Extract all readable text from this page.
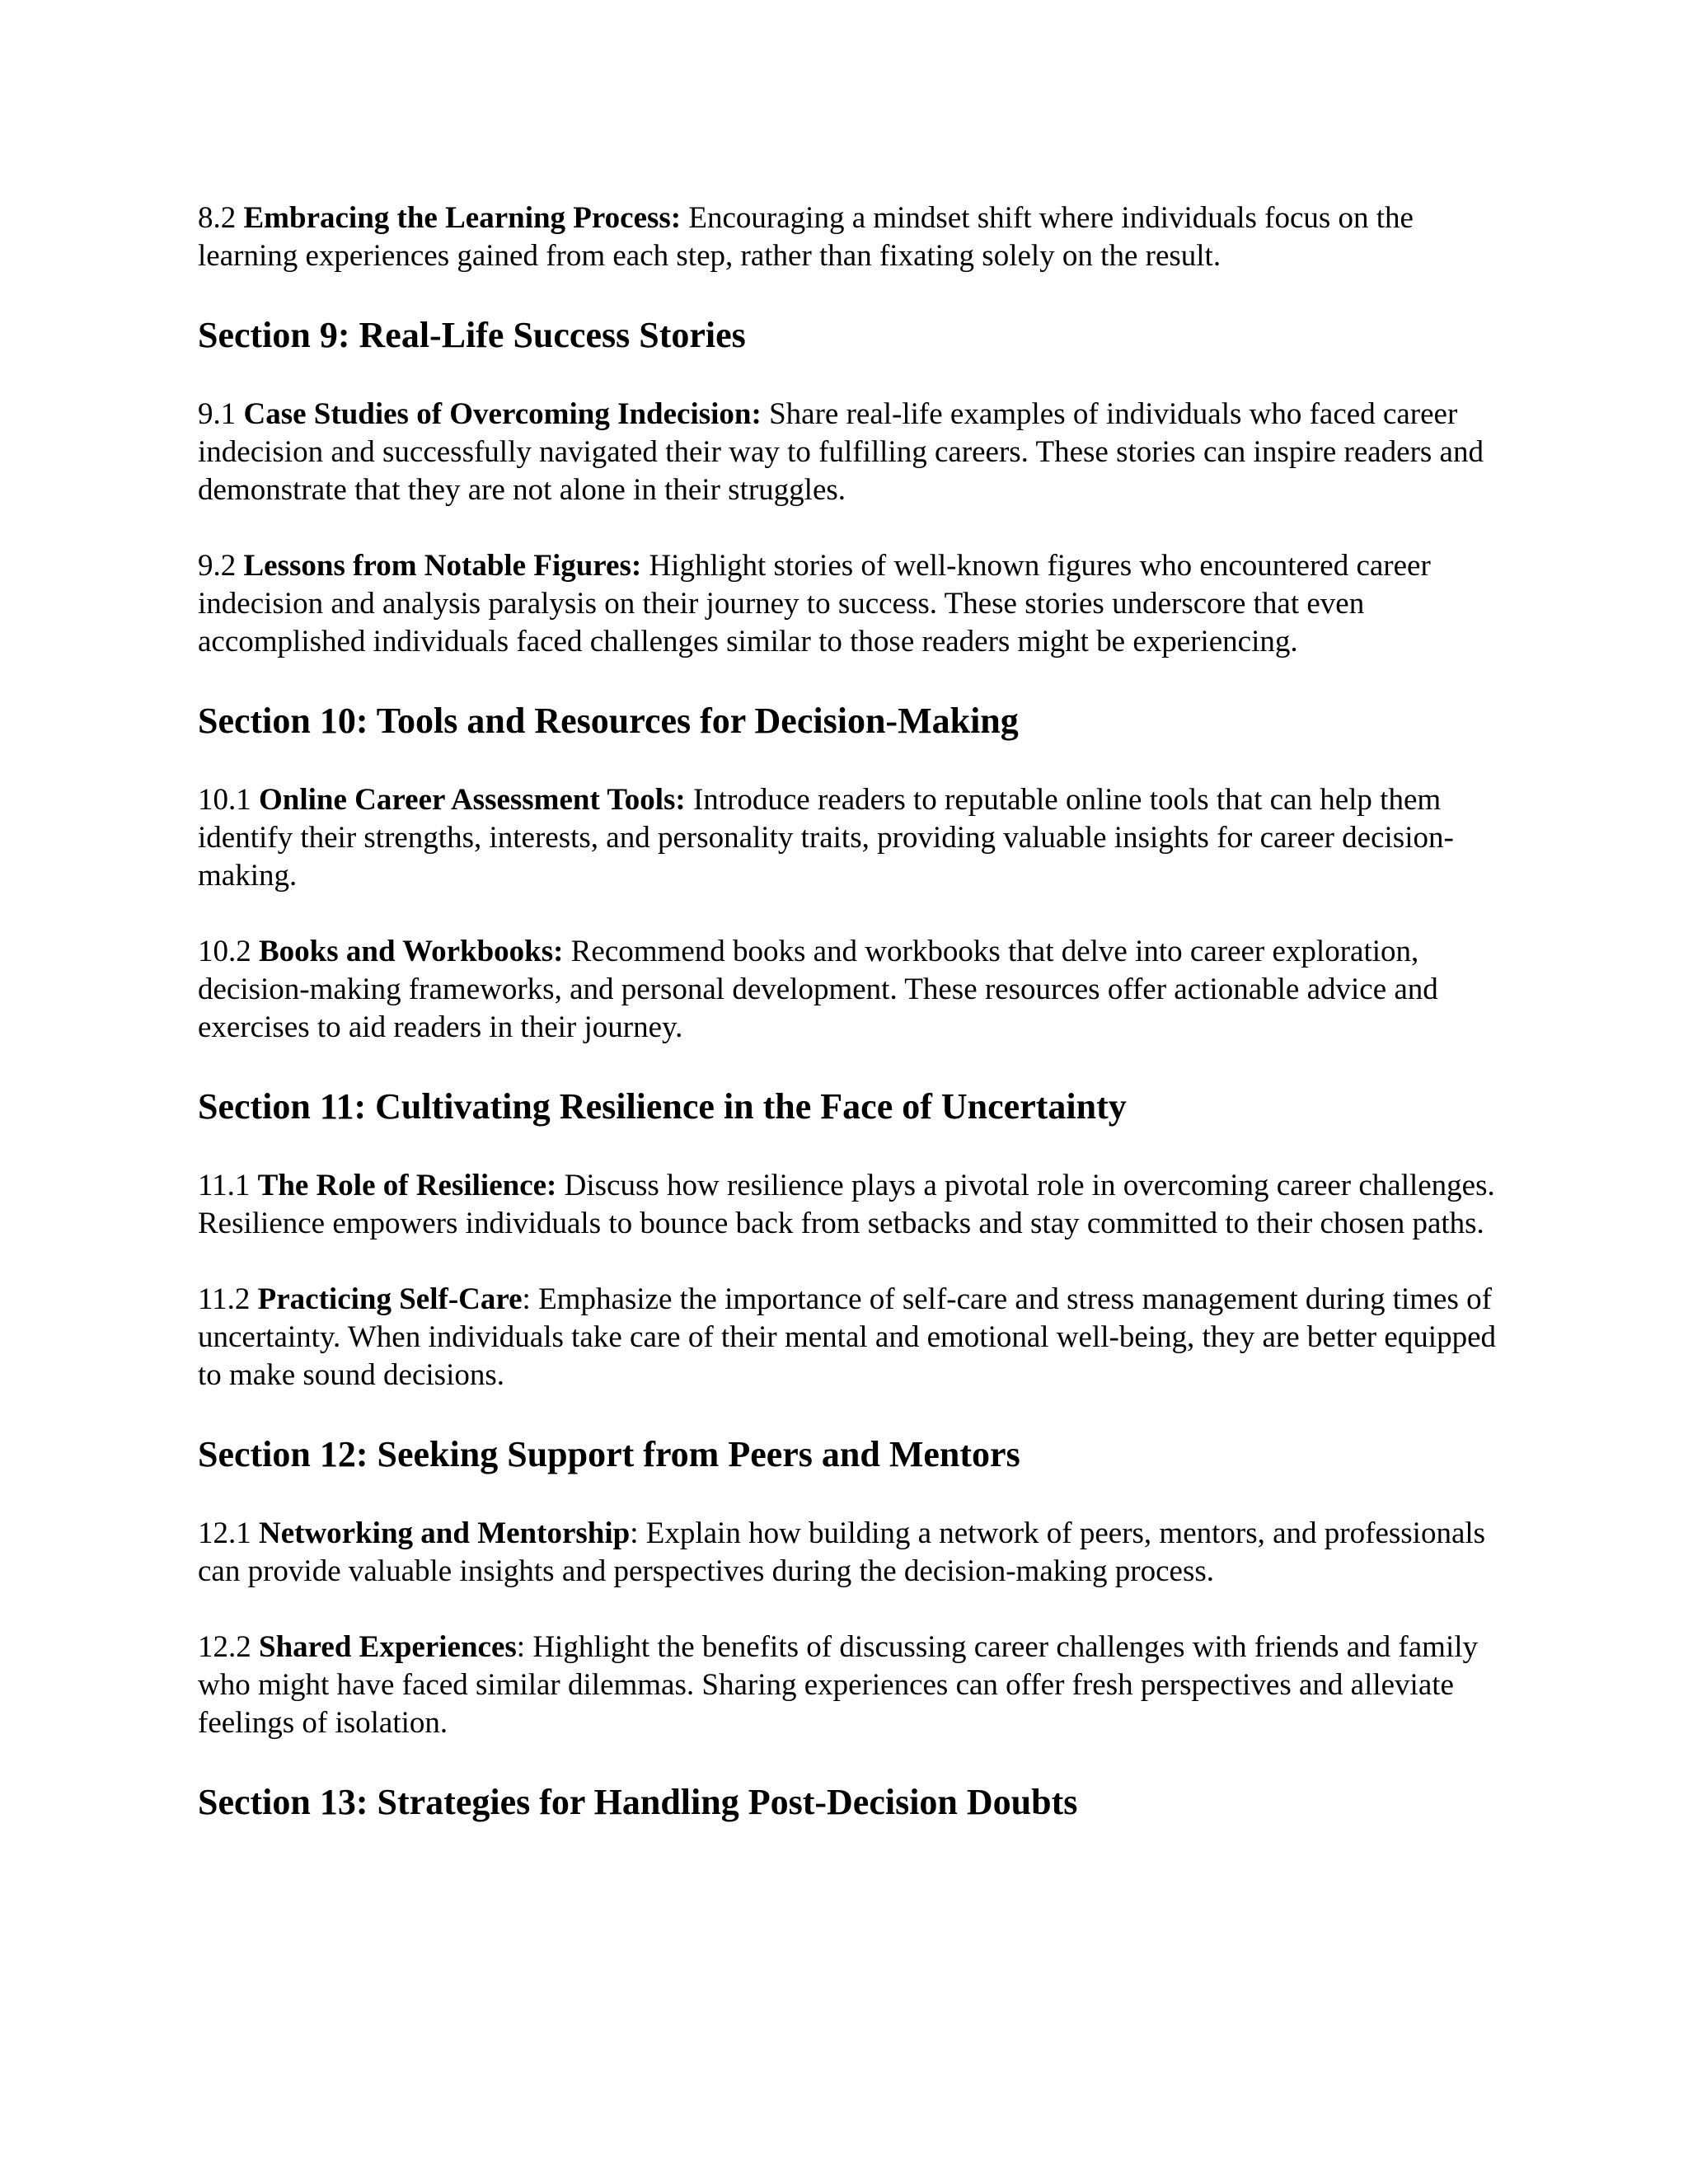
8.2 Embracing the Learning Process: Encouraging a mindset shift where individuals focus on the learning experiences gained from each step, rather than fixating solely on the result.

Section 9: Real-Life Success Stories

9.1 Case Studies of Overcoming Indecision: Share real-life examples of individuals who faced career indecision and successfully navigated their way to fulfilling careers. These stories can inspire readers and demonstrate that they are not alone in their struggles.

9.2 Lessons from Notable Figures: Highlight stories of well-known figures who encountered career indecision and analysis paralysis on their journey to success. These stories underscore that even accomplished individuals faced challenges similar to those readers might be experiencing.

Section 10: Tools and Resources for Decision-Making

10.1 Online Career Assessment Tools: Introduce readers to reputable online tools that can help them identify their strengths, interests, and personality traits, providing valuable insights for career decision-making.

10.2 Books and Workbooks: Recommend books and workbooks that delve into career exploration, decision-making frameworks, and personal development. These resources offer actionable advice and exercises to aid readers in their journey.

Section 11: Cultivating Resilience in the Face of Uncertainty

11.1 The Role of Resilience: Discuss how resilience plays a pivotal role in overcoming career challenges. Resilience empowers individuals to bounce back from setbacks and stay committed to their chosen paths.

11.2 Practicing Self-Care: Emphasize the importance of self-care and stress management during times of uncertainty. When individuals take care of their mental and emotional well-being, they are better equipped to make sound decisions.

Section 12: Seeking Support from Peers and Mentors

12.1 Networking and Mentorship: Explain how building a network of peers, mentors, and professionals can provide valuable insights and perspectives during the decision-making process.

12.2 Shared Experiences: Highlight the benefits of discussing career challenges with friends and family who might have faced similar dilemmas. Sharing experiences can offer fresh perspectives and alleviate feelings of isolation.

Section 13: Strategies for Handling Post-Decision Doubts
